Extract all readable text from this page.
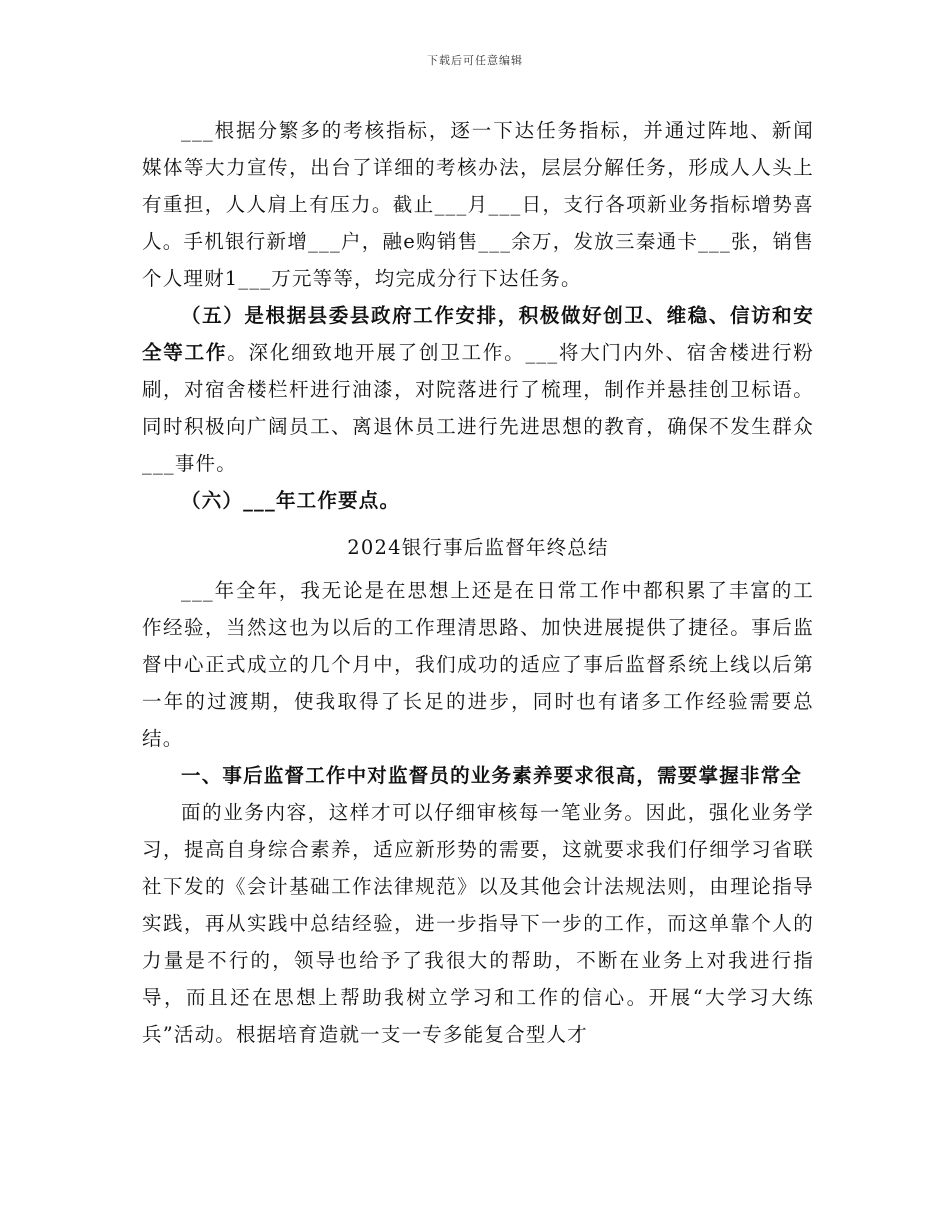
下载后可任意编辑

___根据分繁多的考核指标，逐一下达任务指标，并通过阵地、新闻媒体等大力宣传，出台了详细的考核办法，层层分解任务，形成人人头上有重担，人人肩上有压力。截止___月___日，支行各项新业务指标增势喜人。手机银行新增___户，融e购销售___余万，发放三秦通卡___张，销售个人理财1___万元等等，均完成分行下达任务。

（五）是根据县委县政府工作安排，积极做好创卫、维稳、信访和安全等工作。深化细致地开展了创卫工作。___将大门内外、宿舍楼进行粉刷，对宿舍楼栏杆进行油漆，对院落进行了梳理，制作并悬挂创卫标语。同时积极向广阔员工、离退休员工进行先进思想的教育，确保不发生群众___事件。

（六）___年工作要点。

2024银行事后监督年终总结

___年全年，我无论是在思想上还是在日常工作中都积累了丰富的工作经验，当然这也为以后的工作理清思路、加快进展提供了捷径。事后监督中心正式成立的几个月中，我们成功的适应了事后监督系统上线以后第一年的过渡期，使我取得了长足的进步，同时也有诸多工作经验需要总结。

一、事后监督工作中对监督员的业务素养要求很高，需要掌握非常全

面的业务内容，这样才可以仔细审核每一笔业务。因此，强化业务学习，提高自身综合素养，适应新形势的需要，这就要求我们仔细学习省联社下发的《会计基础工作法律规范》以及其他会计法规法则，由理论指导实践，再从实践中总结经验，进一步指导下一步的工作，而这单靠个人的力量是不行的，领导也给予了我很大的帮助，不断在业务上对我进行指导，而且还在思想上帮助我树立学习和工作的信心。开展“大学习大练兵”活动。根据培育造就一支一专多能复合型人才
